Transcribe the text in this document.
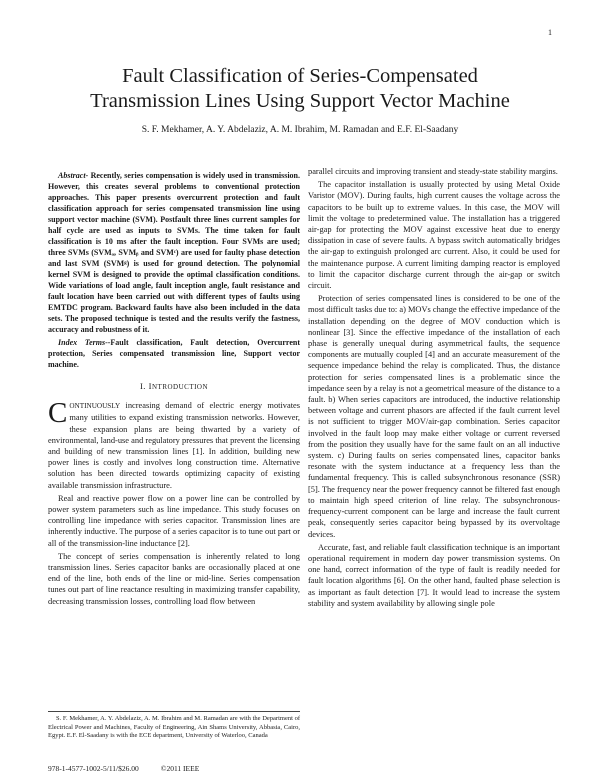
1
Fault Classification of Series-Compensated
Transmission Lines Using Support Vector Machine

S. F. Mekhamer, A. Y. Abdelaziz, A. M. Ibrahim, M. Ramadan and E.F. El-Saadany

Abstract- Recently, series compensation is widely used in transmission. However, this creates several problems to conventional protection approaches. This paper presents overcurrent protection and fault classification approach for series compensated transmission line using support vector machine (SVM). Postfault three lines current samples for half cycle are used as inputs to SVMs. The time taken for fault classification is 10 ms after the fault inception. Four SVMs are used; three SVMs (SVMₐ, SVMᵦ and SVMᶜ) are used for faulty phase detection and last SVM (SVMᵍ) is used for ground detection. The polynomial kernel SVM is designed to provide the optimal classification conditions. Wide variations of load angle, fault inception angle, fault resistance and fault location have been carried out with different types of faults using EMTDC program. Backward faults have also been included in the data sets. The proposed technique is tested and the results verify the fastness, accuracy and robustness of it.

Index Terms--Fault classification, Fault detection, Overcurrent protection, Series compensated transmission line, Support vector machine.

I. INTRODUCTION

CONTINUOUSLY increasing demand of electric energy motivates many utilities to expand existing transmission networks. However, these expansion plans are being thwarted by a variety of environmental, land-use and regulatory pressures that prevent the licensing and building of new transmission lines [1]. In addition, building new power lines is costly and involves long construction time. Alternative solution has been directed towards optimizing capacity of existing available transmission infrastructure.

Real and reactive power flow on a power line can be controlled by power system parameters such as line impedance. This study focuses on controlling line impedance with series capacitor. Transmission lines are inherently inductive. The purpose of a series capacitor is to tune out part or all of the transmission-line inductance [2].

The concept of series compensation is inherently related to long transmission lines. Series capacitor banks are occasionally placed at one end of the line, both ends of the line or mid-line. Series compensation tunes out part of line reactance resulting in maximizing transfer capability, decreasing transmission losses, controlling load flow between

parallel circuits and improving transient and steady-state stability margins.

The capacitor installation is usually protected by using Metal Oxide Varistor (MOV). During faults, high current causes the voltage across the capacitors to be built up to extreme values. In this case, the MOV will limit the voltage to predetermined value. The installation has a triggered air-gap for protecting the MOV against excessive heat due to energy dissipation in case of severe faults. A bypass switch automatically bridges the air-gap to extinguish prolonged arc current. Also, it could be used for the maintenance purpose. A current limiting damping reactor is employed to limit the capacitor discharge current through the air-gap or switch circuit.

Protection of series compensated lines is considered to be one of the most difficult tasks due to: a) MOVs change the effective impedance of the installation depending on the degree of MOV conduction which is nonlinear [3]. Since the effective impedance of the installation of each phase is generally unequal during asymmetrical faults, the sequence components are mutually coupled [4] and an accurate measurement of the sequence impedance behind the relay is complicated. Thus, the distance protection for series compensated lines is a problematic since the impedance seen by a relay is not a geometrical measure of the distance to a fault. b) When series capacitors are introduced, the inductive relationship between voltage and current phasors are affected if the fault current level is not sufficient to trigger MOV/air-gap combination. Series capacitor involved in the fault loop may make either voltage or current reversed from the position they usually have for the same fault on an all inductive system. c) During faults on series compensated lines, capacitor banks resonate with the system inductance at a frequency less than the fundamental frequency. This is called subsynchronous resonance (SSR) [5]. The frequency near the power frequency cannot be filtered fast enough to maintain high speed criterion of line relay. The subsynchronous-frequency-current component can be large and increase the fault current peak, consequently series capacitor being bypassed by its overvoltage devices.

Accurate, fast, and reliable fault classification technique is an important operational requirement in modern day power transmission systems. On one hand, correct information of the type of fault is readily needed for fault location algorithms [6]. On the other hand, faulted phase selection is as important as fault detection [7]. It would lead to increase the system stability and system availability by allowing single pole

S. F. Mekhamer, A. Y. Abdelaziz, A. M. Ibrahim and M. Ramadan are with the Department of Electrical Power and Machines, Faculty of Engineering, Ain Shams University, Abbasia, Cairo, Egypt. E.F. El-Saadany is with the ECE department, University of Waterloo, Canada

978-1-4577-1002-5/11/$26.00	©2011 IEEE
